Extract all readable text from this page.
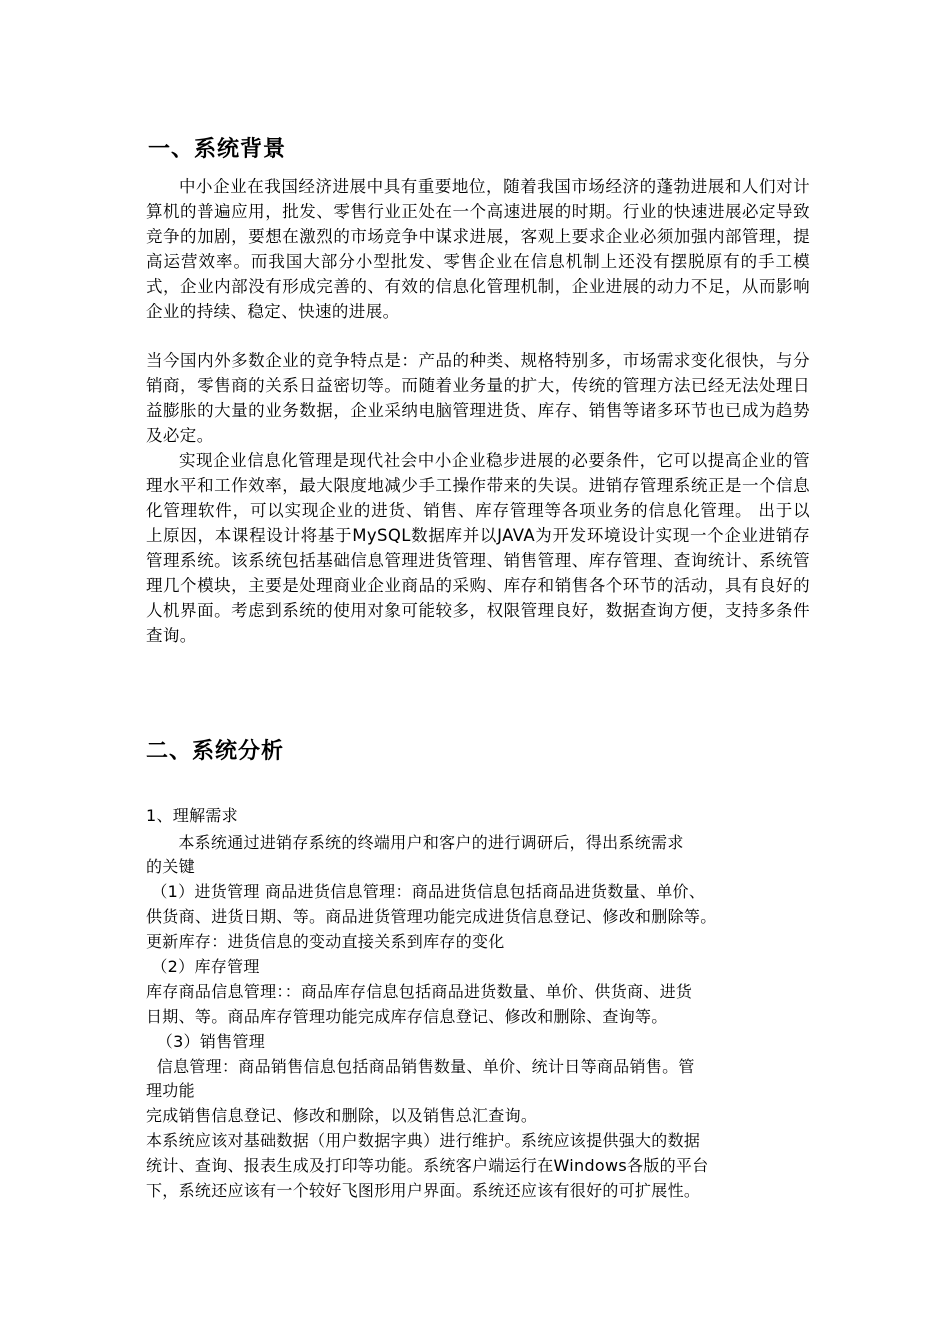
一、系统背景

中小企业在我国经济进展中具有重要地位，随着我国市场经济的蓬勃进展和人们对计算机的普遍应用，批发、零售行业正处在一个高速进展的时期。行业的快速进展必定导致竞争的加剧，要想在激烈的市场竞争中谋求进展，客观上要求企业必须加强内部管理，提高运营效率。而我国大部分小型批发、零售企业在信息机制上还没有摆脱原有的手工模式，企业内部没有形成完善的、有效的信息化管理机制，企业进展的动力不足，从而影响企业的持续、稳定、快速的进展。

当今国内外多数企业的竞争特点是：产品的种类、规格特别多，市场需求变化很快，与分销商，零售商的关系日益密切等。而随着业务量的扩大，传统的管理方法已经无法处理日益膨胀的大量的业务数据，企业采纳电脑管理进货、库存、销售等诸多环节也已成为趋势及必定。

实现企业信息化管理是现代社会中小企业稳步进展的必要条件，它可以提高企业的管理水平和工作效率，最大限度地减少手工操作带来的失误。进销存管理系统正是一个信息化管理软件，可以实现企业的进货、销售、库存管理等各项业务的信息化管理。 出于以上原因，本课程设计将基于MySQL数据库并以JAVA为开发环境设计实现一个企业进销存管理系统。该系统包括基础信息管理进货管理、销售管理、库存管理、查询统计、系统管理几个模块，主要是处理商业企业商品的采购、库存和销售各个环节的活动，具有良好的人机界面。考虑到系统的使用对象可能较多，权限管理良好，数据查询方便，支持多条件查询。

二、系统分析
1、理解需求
本系统通过进销存系统的终端用户和客户的进行调研后，得出系统需求
的关键
（1）进货管理 商品进货信息管理：商品进货信息包括商品进货数量、单价、
供货商、进货日期、等。商品进货管理功能完成进货信息登记、修改和删除等。
更新库存：进货信息的变动直接关系到库存的变化
（2）库存管理
库存商品信息管理：：商品库存信息包括商品进货数量、单价、供货商、进货
日期、等。商品库存管理功能完成库存信息登记、修改和删除、查询等。
（3）销售管理
信息管理：商品销售信息包括商品销售数量、单价、统计日等商品销售。管
理功能
完成销售信息登记、修改和删除，以及销售总汇查询。
本系统应该对基础数据（用户数据字典）进行维护。系统应该提供强大的数据
统计、查询、报表生成及打印等功能。系统客户端运行在Windows各版的平台
下，系统还应该有一个较好飞图形用户界面。系统还应该有很好的可扩展性。
